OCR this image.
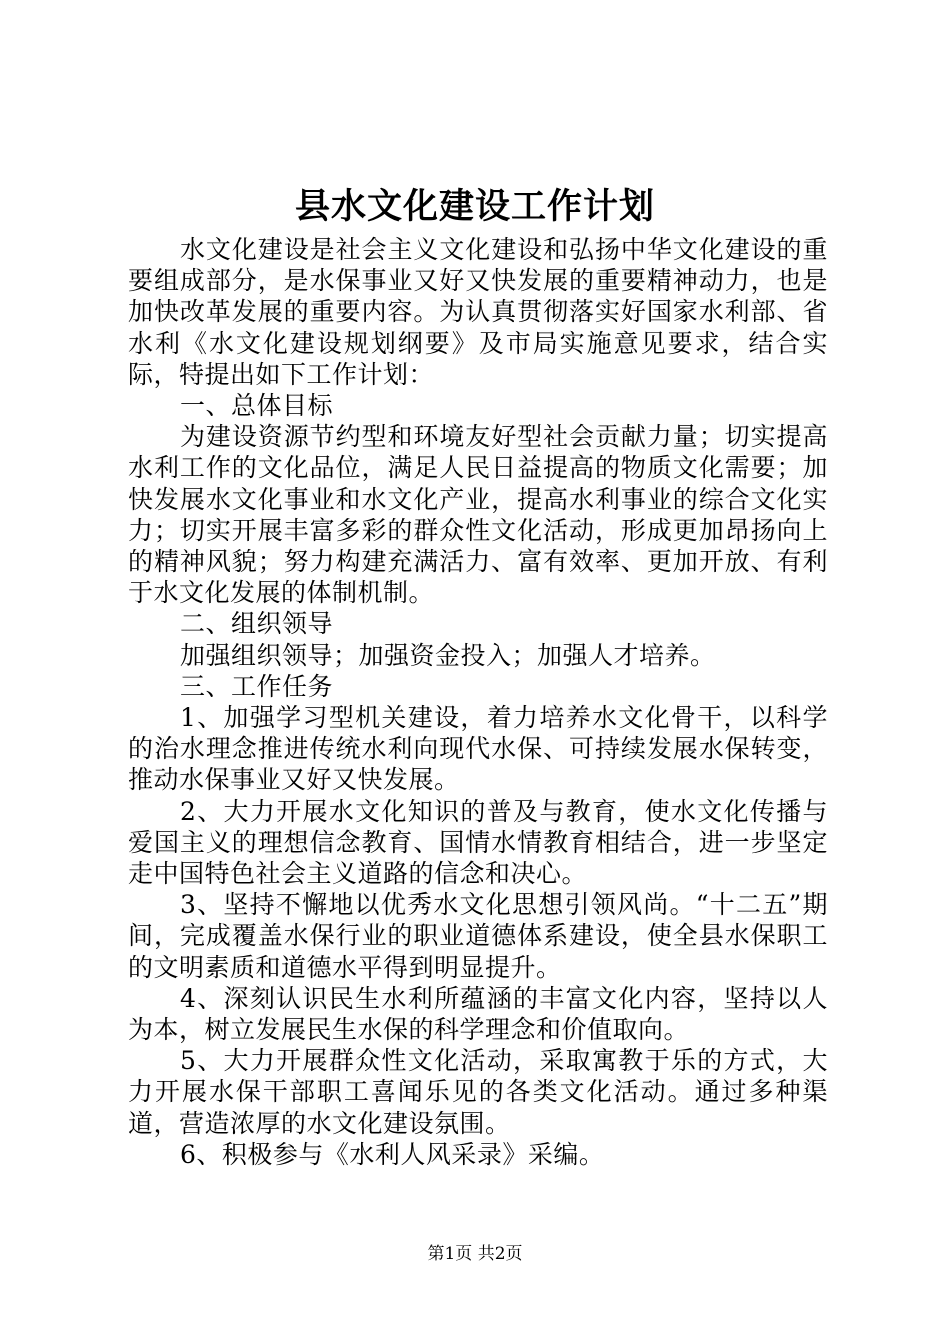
县水文化建设工作计划

水文化建设是社会主义文化建设和弘扬中华文化建设的重要组成部分，是水保事业又好又快发展的重要精神动力，也是加快改革发展的重要内容。为认真贯彻落实好国家水利部、省水利《水文化建设规划纲要》及市局实施意见要求，结合实际，特提出如下工作计划：

一、总体目标

为建设资源节约型和环境友好型社会贡献力量；切实提高水利工作的文化品位，满足人民日益提高的物质文化需要；加快发展水文化事业和水文化产业，提高水利事业的综合文化实力；切实开展丰富多彩的群众性文化活动，形成更加昂扬向上的精神风貌；努力构建充满活力、富有效率、更加开放、有利于水文化发展的体制机制。

二、组织领导

加强组织领导；加强资金投入；加强人才培养。

三、工作任务

1、加强学习型机关建设，着力培养水文化骨干，以科学的治水理念推进传统水利向现代水保、可持续发展水保转变，推动水保事业又好又快发展。

2、大力开展水文化知识的普及与教育，使水文化传播与爱国主义的理想信念教育、国情水情教育相结合，进一步坚定走中国特色社会主义道路的信念和决心。

3、坚持不懈地以优秀水文化思想引领风尚。“十二五”期间，完成覆盖水保行业的职业道德体系建设，使全县水保职工的文明素质和道德水平得到明显提升。

4、深刻认识民生水利所蕴涵的丰富文化内容，坚持以人为本，树立发展民生水保的科学理念和价值取向。

5、大力开展群众性文化活动，采取寓教于乐的方式，大力开展水保干部职工喜闻乐见的各类文化活动。通过多种渠道，营造浓厚的水文化建设氛围。

6、积极参与《水利人风采录》采编。

第1页 共2页
